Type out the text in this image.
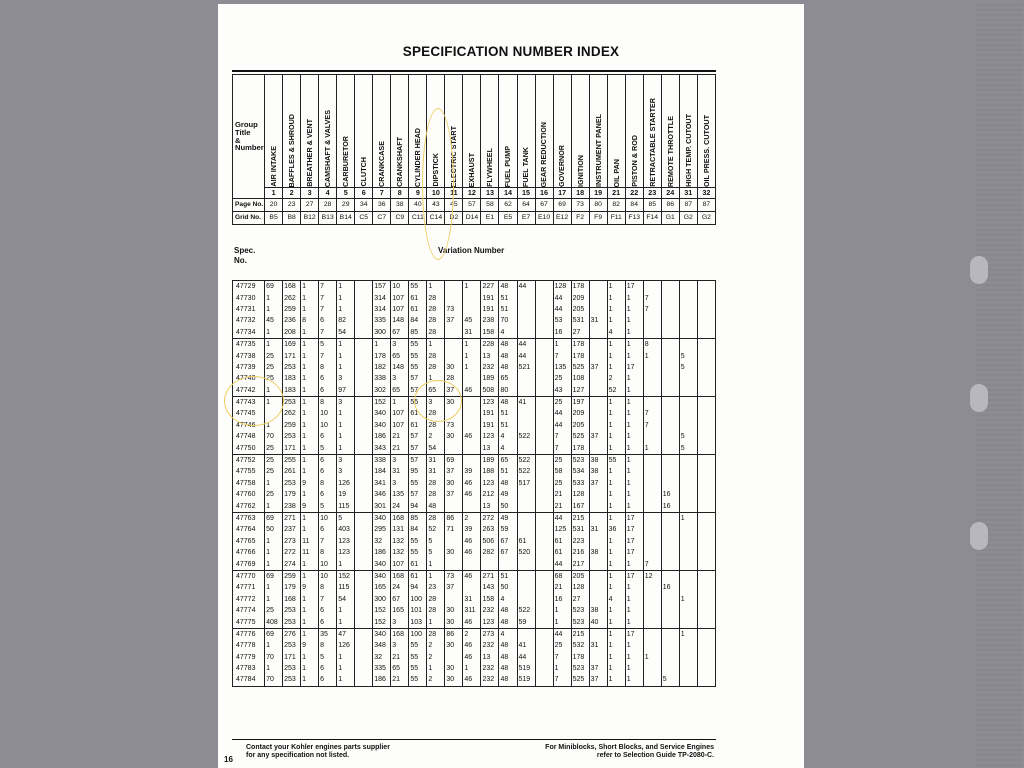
SPECIFICATION NUMBER INDEX
Group
Title
&
Number	AIR INTAKE	BAFFLES & SHROUD	BREATHER & VENT	CAMSHAFT & VALVES	CARBURETOR	CLUTCH	CRANKCASE	CRANKSHAFT	CYLINDER HEAD	DIPSTICK	ELECTRIC START	EXHAUST	FLYWHEEL	FUEL PUMP	FUEL TANK	GEAR REDUCTION	GOVERNOR	IGNITION	INSTRUMENT PANEL	OIL PAN	PISTON & ROD	RETRACTABLE STARTER	REMOTE THROTTLE	HIGH TEMP. CUTOUT	OIL PRESS. CUTOUT

	1	2	3	4	5	6	7	8	9	10	11	12	13	14	15	16	17	18	19	21	22	23	24	31	32
Page No.	20	23	27	28	29	34	36	38	40	43	45	57	58	62	64	67	69	73	80	82	84	85	86	87	87
Grid No.	B5	B8	B12	B13	B14	C5	C7	C9	C11	C14	D2	D14	E1	E5	E7	E10	E12	F2	F9	F11	F13	F14	G1	G2	G2
Spec.
No.
Variation Number
47729	69	168	1	7	1		157	10	55	1		1	227	48	44		128	178		1	17				
47730	1	262	1	7	1		314	107	61	28			191	51			44	209		1	1	7			
47731	1	259	1	7	1		314	107	61	28	73		191	51			44	205		1	1	7			
47732	45	236	8	6	82		335	148	84	28	37	45	238	70			53	531	31	1	1				
47734	1	208	1	7	54		300	67	85	28		31	158	4			16	27		4	1				
47735	1	169	1	5	1		1	3	55	1		1	228	48	44		1	178		1	1	8			
47738	25	171	1	7	1		178	65	55	28		1	13	48	44		7	178		1	1	1		5	
47739	25	253	1	8	1		182	148	55	28	30	1	232	48	521		135	525	37	1	17			5	
47740	25	183	1	6	3		338	3	57	1	28		189	65			25	108		2	1				
47742	1	183	1	6	97		302	65	57	65	37	46	508	80			43	127		52	1				
47743	1	253	1	8	3		152	1	55	3	30		123	48	41		25	197		1	1				
47745		262	1	10	1		340	107	61	28			191	51			44	209		1	1	7			
47746	1	259	1	10	1		340	107	61	28	73		191	51			44	205		1	1	7			
47748	70	253	1	6	1		186	21	57	2	30	46	123	4	522		7	525	37	1	1			5	
47750	25	171	1	5	1		343	21	57	54			13	4			7	178		1	1	1		5	
47752	25	255	1	6	3		338	3	57	31	69		189	65	522		25	523	38	55	1				
47755	25	261	1	6	3		184	31	95	31	37	39	188	51	522		58	534	38	1	1				
47758	1	253	9	8	126		341	3	55	28	30	46	123	48	517		25	533	37	1	1				
47760	25	179	1	6	19		346	135	57	28	37	46	212	49			21	128		1	1		16		
47762	1	238	9	5	115		301	24	94	48			13	50			21	167		1	1		16		
47763	69	271	1	10	5		340	168	85	28	86	2	272	49			44	215		1	17			1	
47764	50	237	1	6	403		295	131	84	52	71	39	263	59			125	531	31	36	17				
47765	1	273	11	7	123		32	132	55	5		46	506	67	61		61	223		1	17				
47766	1	272	11	8	123		186	132	55	5	30	46	282	67	520		61	216	38	1	17				
47769	1	274	1	10	1		340	107	61	1							44	217		1	1	7			
47770	69	259	1	10	152		340	168	61	1	73	46	271	51			68	205		1	17	12			
47771	1	179	9	8	115		165	24	94	23	37		143	50			21	128		1	1		16		
47772	1	168	1	7	54		300	67	100	28		31	158	4			16	27		4	1			1	
47774	25	253	1	6	1		152	165	101	28	30	311	232	48	522		1	523	38	1	1				
47775	408	253	1	6	1		152	3	103	1	30	46	123	48	59		1	523	40	1	1				
47776	69	276	1	35	47		340	168	100	28	86	2	273	4			44	215		1	17			1	
47778	1	253	9	8	126		348	3	55	2	30	46	232	48	41		25	532	31	1	1				
47779	70	171	1	5	1		32	21	55	2		46	13	48	44		7	178		1	1	1			
47783	1	253	1	6	1		335	65	55	1	30	1	232	48	519		1	523	37	1	1				
47784	70	253	1	6	1		186	21	55	2	30	46	232	48	519		7	525	37	1	1		5		
Contact your Kohler engines parts supplier
for any specification not listed.
For Miniblocks, Short Blocks, and Service Engines
refer to Selection Guide TP-2080-C.
16
